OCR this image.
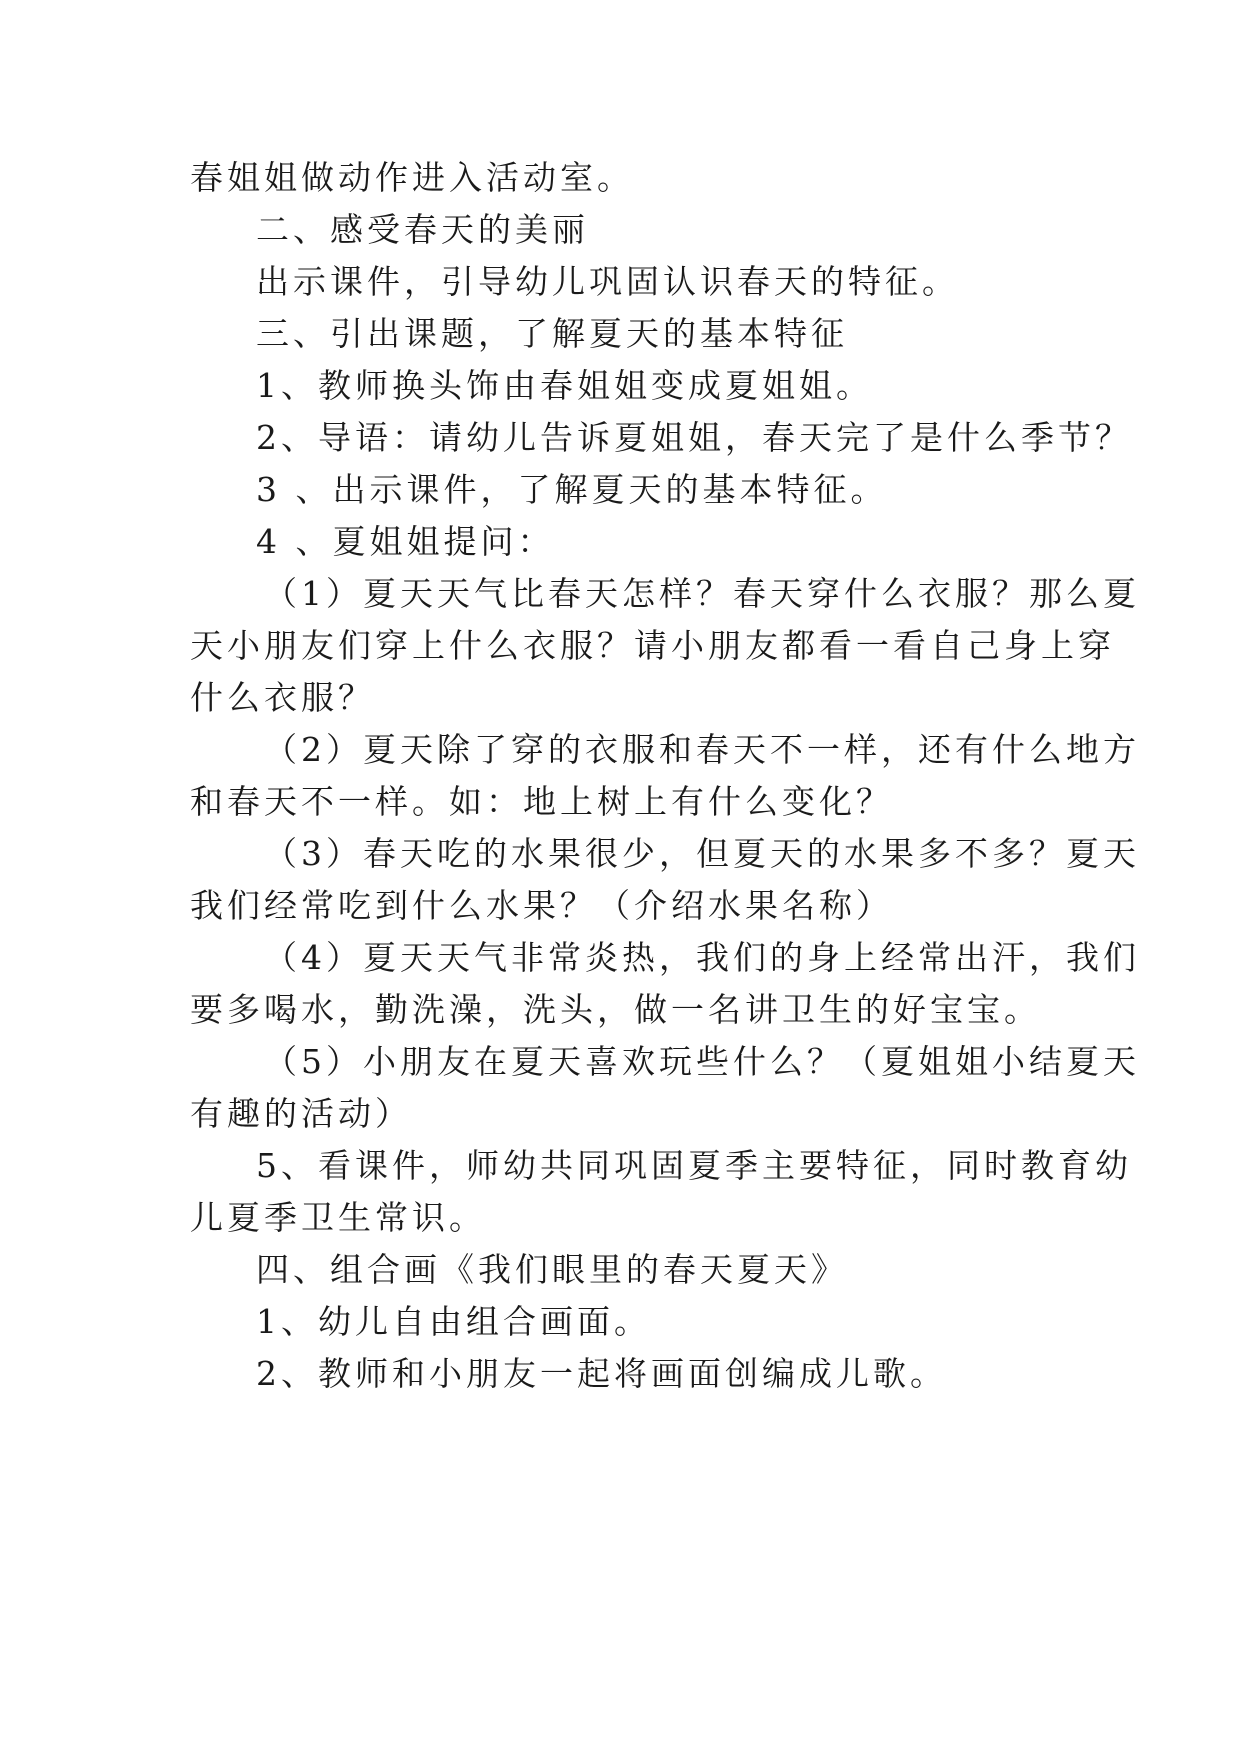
春姐姐做动作进入活动室。
二、感受春天的美丽
出示课件，引导幼儿巩固认识春天的特征。
三、引出课题，了解夏天的基本特征
1、教师换头饰由春姐姐变成夏姐姐。
2、导语：请幼儿告诉夏姐姐，春天完了是什么季节？
3 、出示课件，了解夏天的基本特征。
4 、夏姐姐提问：
（1）夏天天气比春天怎样？春天穿什么衣服？那么夏
天小朋友们穿上什么衣服？请小朋友都看一看自己身上穿
什么衣服？
（2）夏天除了穿的衣服和春天不一样，还有什么地方
和春天不一样。如：地上树上有什么变化？
（3）春天吃的水果很少，但夏天的水果多不多？夏天
我们经常吃到什么水果？（介绍水果名称）
（4）夏天天气非常炎热，我们的身上经常出汗，我们
要多喝水，勤洗澡，洗头，做一名讲卫生的好宝宝。
（5）小朋友在夏天喜欢玩些什么？（夏姐姐小结夏天
有趣的活动）
5、看课件，师幼共同巩固夏季主要特征，同时教育幼
儿夏季卫生常识。
四、组合画《我们眼里的春天夏天》
1、幼儿自由组合画面。
2、教师和小朋友一起将画面创编成儿歌。
